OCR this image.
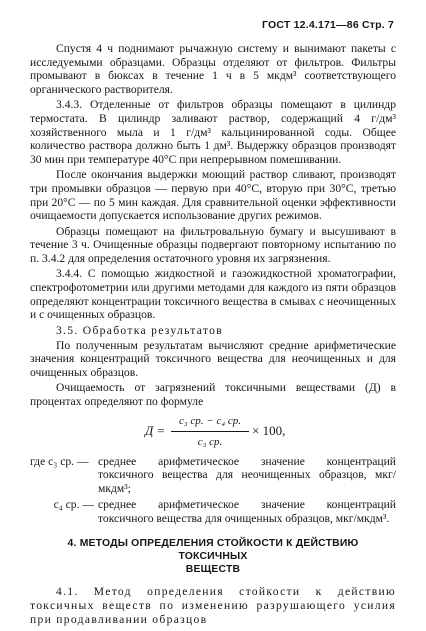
ГОСТ 12.4.171—86 Стр. 7

Спустя 4 ч поднимают рычажную систему и вынимают пакеты с исследуемыми образцами. Образцы отделяют от фильтров. Фильтры промывают в бюксах в течение 1 ч в 5 мкдм³ соответствующего органического растворителя.

3.4.3. Отделенные от фильтров образцы помещают в цилиндр термостата. В цилиндр заливают раствор, содержащий 4 г/дм³ хозяйственного мыла и 1 г/дм³ кальцинированной соды. Общее количество раствора должно быть 1 дм³. Выдержку образцов производят 30 мин при температуре 40°С при непрерывном помешивании.

После окончания выдержки моющий раствор сливают, производят три промывки образцов — первую при 40°С, вторую при 30°С, третью при 20°С — по 5 мин каждая. Для сравнительной оценки эффективности очищаемости допускается использование других режимов.

Образцы помещают на фильтровальную бумагу и высушивают в течение 3 ч. Очищенные образцы подвергают повторному испытанию по п. 3.4.2 для определения остаточного уровня их загрязнения.

3.4.4. С помощью жидкостной и газожидкостной хроматографии, спектрофотометрии или другими методами для каждого из пяти образцов определяют концентрации токсичного вещества в смывах с неочищенных и с очищенных образцов.

3.5. Обработка результатов

По полученным результатам вычисляют средние арифметические значения концентраций токсичного вещества для неочищенных и для очищенных образцов.

Очищаемость от загрязнений токсичными веществами (Д) в процентах определяют по формуле

Д =
c₃ ср. − c₄ ср.
c₃ ср.
× 100,
где c₃ ср. — среднее арифметическое значение концентраций токсичного вещества для неочищенных образцов, мкг/мкдм³;
c₄ ср. — среднее арифметическое значение концентраций токсичного вещества для очищенных образцов, мкг/мкдм³.
4. МЕТОДЫ ОПРЕДЕЛЕНИЯ СТОЙКОСТИ К ДЕЙСТВИЮ ТОКСИЧНЫХ
ВЕЩЕСТВ

4.1. Метод определения стойкости к действию токсичных веществ по изменению разрушающего усилия при продавливании образцов
